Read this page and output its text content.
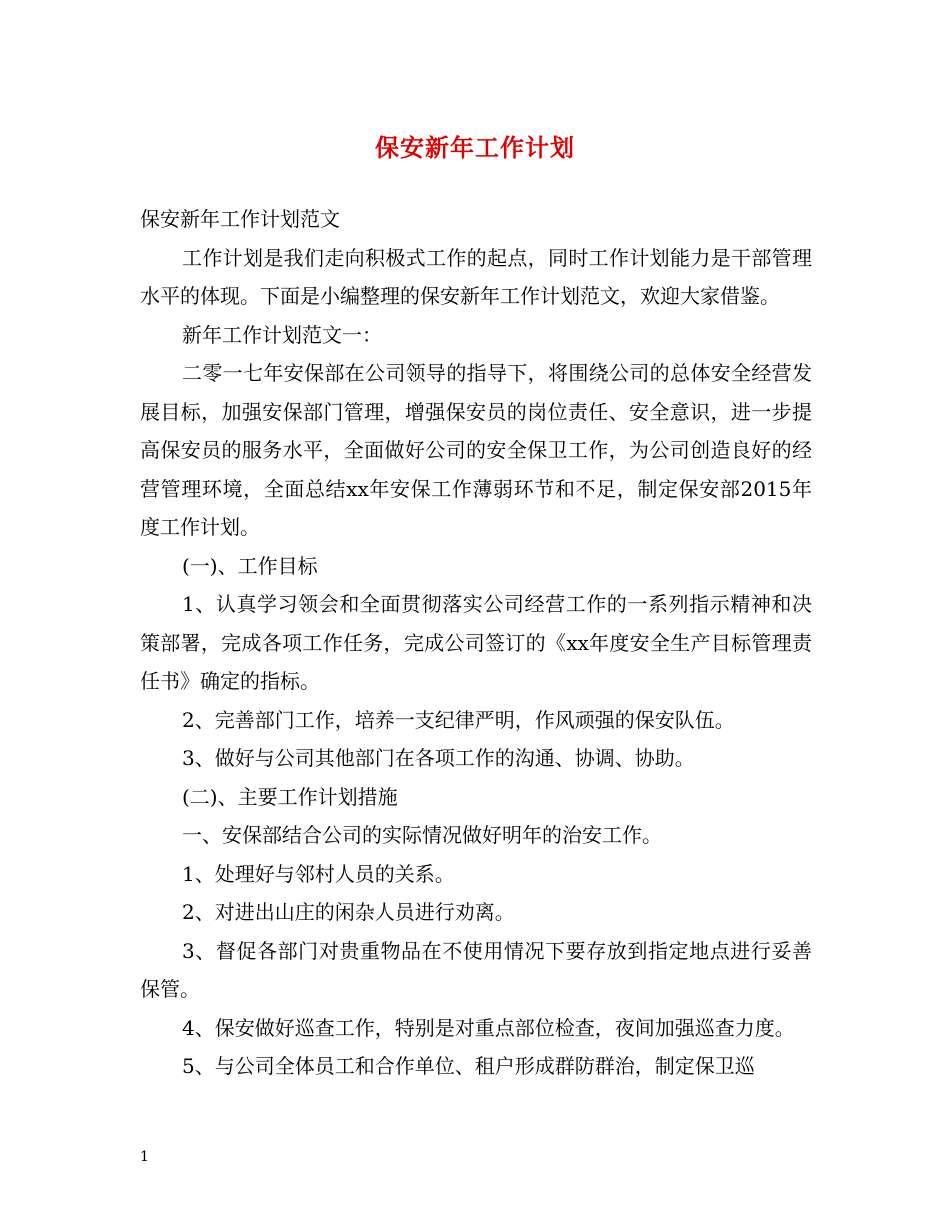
保安新年工作计划

保安新年工作计划范文

工作计划是我们走向积极式工作的起点，同时工作计划能力是干部管理水平的体现。下面是小编整理的保安新年工作计划范文，欢迎大家借鉴。

新年工作计划范文一：

二零一七年安保部在公司领导的指导下，将围绕公司的总体安全经营发展目标，加强安保部门管理，增强保安员的岗位责任、安全意识，进一步提高保安员的服务水平，全面做好公司的安全保卫工作，为公司创造良好的经营管理环境，全面总结xx年安保工作薄弱环节和不足，制定保安部2015年度工作计划。

(一)、工作目标

1、认真学习领会和全面贯彻落实公司经营工作的一系列指示精神和决策部署，完成各项工作任务，完成公司签订的《xx年度安全生产目标管理责任书》确定的指标。

2、完善部门工作，培养一支纪律严明，作风顽强的保安队伍。

3、做好与公司其他部门在各项工作的沟通、协调、协助。

(二)、主要工作计划措施

一、安保部结合公司的实际情况做好明年的治安工作。

1、处理好与邻村人员的关系。

2、对进出山庄的闲杂人员进行劝离。

3、督促各部门对贵重物品在不使用情况下要存放到指定地点进行妥善保管。

4、保安做好巡查工作，特别是对重点部位检查，夜间加强巡查力度。

5、与公司全体员工和合作单位、租户形成群防群治，制定保卫巡

1
